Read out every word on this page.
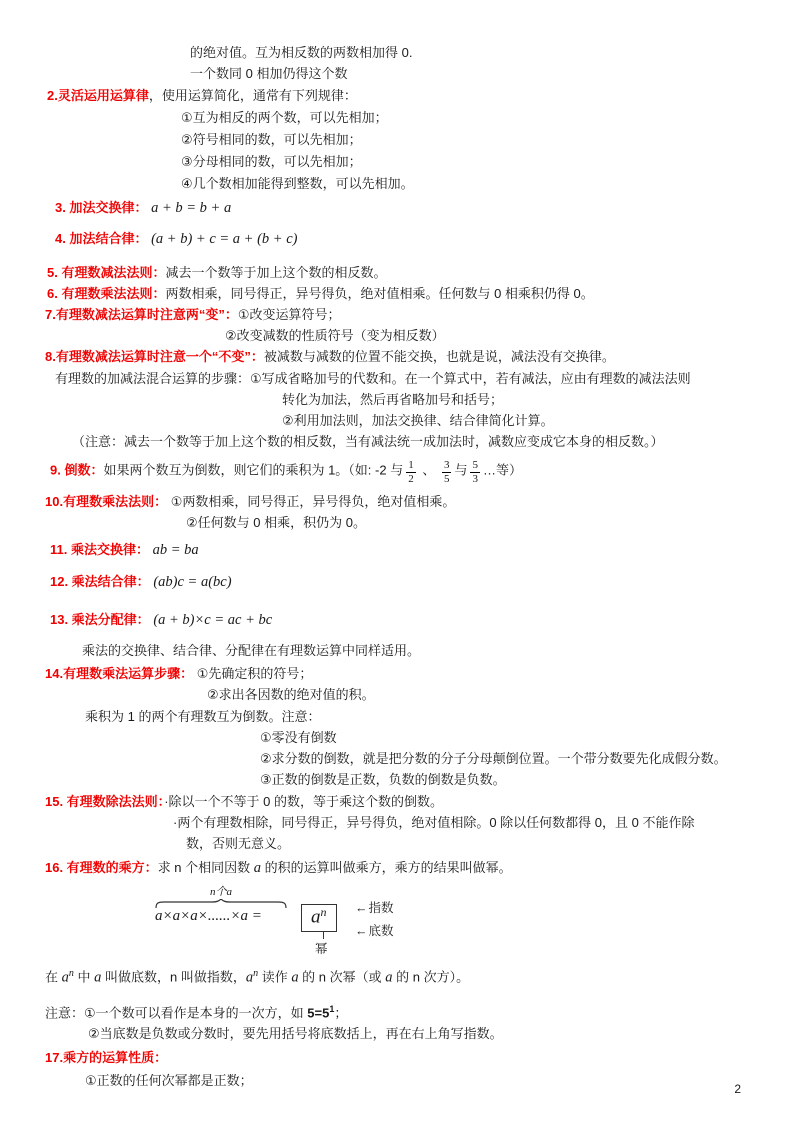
的绝对值。互为相反数的两数相加得 0.
一个数同 0 相加仍得这个数
2.灵活运用运算律，使用运算简化，通常有下列规律：
①互为相反的两个数，可以先相加；
②符号相同的数，可以先相加；
③分母相同的数，可以先相加；
④几个数相加能得到整数，可以先相加。
3. 加法交换律： a + b = b + a
4. 加法结合律： (a + b) + c = a + (b + c)
5. 有理数减法法则：减去一个数等于加上这个数的相反数。
6. 有理数乘法法则：两数相乘，同号得正，异号得负，绝对值相乘。任何数与 0 相乘积仍得 0。
7.有理数减法运算时注意两“变”：①改变运算符号；
②改变减数的性质符号（变为相反数）
8.有理数减法运算时注意一个“不变”：被减数与减数的位置不能交换，也就是说，减法没有交换律。
有理数的加减法混合运算的步骤：①写成省略加号的代数和。在一个算式中，若有减法，应由有理数的减法法则
转化为加法，然后再省略加号和括号；
②利用加法则，加法交换律、结合律简化计算。
（注意：减去一个数等于加上这个数的相反数，当有减法统一成加法时，减数应变成它本身的相反数。）
9. 倒数：如果两个数互为倒数，则它们的乘积为 1。（如: -2 与 $\frac{1}{2}$ 、 $\frac{3}{5}$ 与 $\frac{5}{3}$ …等）
10.有理数乘法法则： ①两数相乘，同号得正，异号得负，绝对值相乘。
②任何数与 0 相乘，积仍为 0。
11. 乘法交换律： ab = ba
12. 乘法结合律： (ab)c = a(bc)
13. 乘法分配律： (a + b)×c = ac + bc
乘法的交换律、结合律、分配律在有理数运算中同样适用。
14.有理数乘法运算步骤： ①先确定积的符号；
②求出各因数的绝对值的积。
乘积为 1 的两个有理数互为倒数。注意：
①零没有倒数
②求分数的倒数，就是把分数的分子分母颠倒位置。一个带分数要先化成假分数。
③正数的倒数是正数，负数的倒数是负数。
15. 有理数除法法则：·除以一个不等于 0 的数，等于乘这个数的倒数。
·两个有理数相除，同号得正，异号得负，绝对值相除。0 除以任何数都得 0，且 0 不能作除
数，否则无意义。
16. 有理数的乘方：求 n 个相同因数 a 的积的运算叫做乘方，乘方的结果叫做幂。
n个a
a×a×a×......×a =	$a^n$	←指数
←底数
幂
在 $a^n$ 中 a 叫做底数，n 叫做指数，$a^n$ 读作 a 的 n 次幂（或 a 的 n 次方）。
注意：①一个数可以看作是本身的一次方，如 $5=5^1$；
②当底数是负数或分数时，要先用括号将底数括上，再在右上角写指数。
17.乘方的运算性质：
①正数的任何次幂都是正数；
2
